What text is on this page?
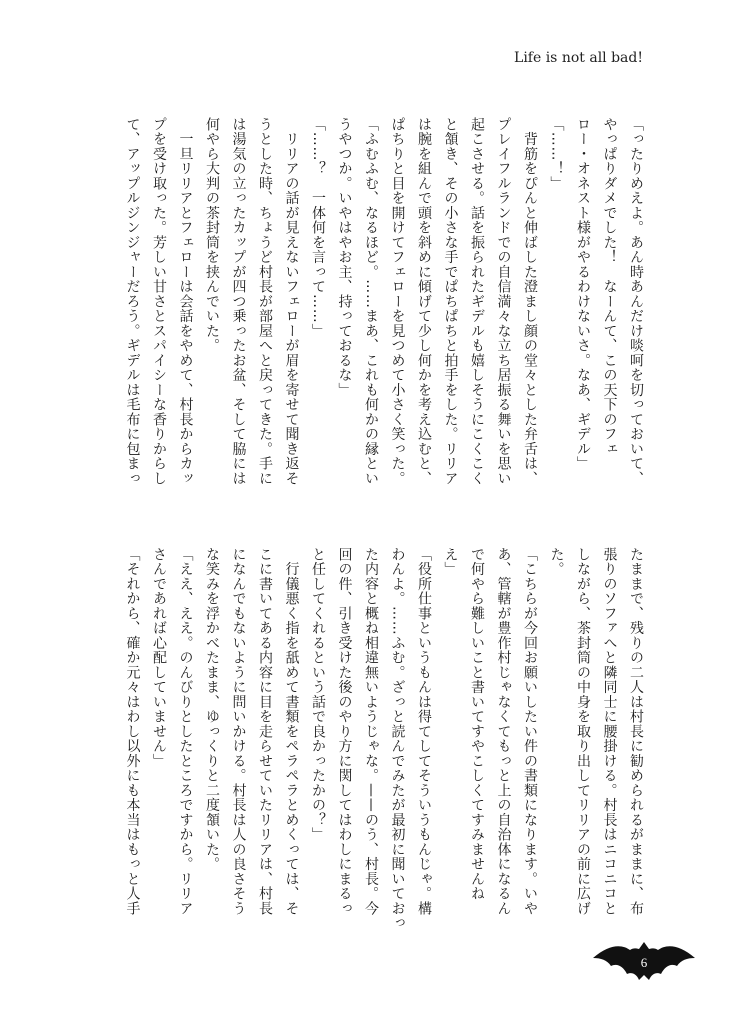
Life is not all bad!
「ったりめえよ。あん時あんだけ啖呵を切っておいて、
やっぱりダメでした！　なーんて、この天下のフェ
ロー・オネスト様がやるわけないさ。なあ、ギデル」
「……！」
　背筋をぴんと伸ばした澄まし顔の堂々とした弁舌は、
プレイフルランドでの自信満々な立ち居振る舞いを思い
起こさせる。話を振られたギデルも嬉しそうにこくこく
と頷き、その小さな手でぱちぱちと拍手をした。リリア
は腕を組んで頭を斜めに傾げて少し何かを考え込むと、
ぱちりと目を開けてフェローを見つめて小さく笑った。
「ふむふむ、なるほど。……まあ、これも何かの縁とい
うやつか。いやはやお主、持っておるな」
「……？　一体何を言って……」
　リリアの話が見えないフェローが眉を寄せて聞き返そ
うとした時、ちょうど村長が部屋へと戻ってきた。手に
は湯気の立ったカップが四つ乗ったお盆、そして脇には
何やら大判の茶封筒を挟んでいた。
　一旦リリアとフェローは会話をやめて、村長からカッ
プを受け取った。芳しい甘さとスパイシーな香りからし
て、アップルジンジャーだろう。ギデルは毛布に包まっ
たままで、残りの二人は村長に勧められるがままに、布
張りのソファへと隣同士に腰掛ける。村長はニコニコと
しながら、茶封筒の中身を取り出してリリアの前に広げ
た。
「こちらが今回お願いしたい件の書類になります。いや
あ、管轄が豊作村じゃなくてもっと上の自治体になるん
で何やら難しいこと書いてすやこしくてすみませんね
え」
「役所仕事というもんは得てしてそういうもんじゃ。構
わんよ。……ふむ。ざっと読んでみたが最初に聞いておっ
た内容と概ね相違無いようじゃな。——のう、村長。今
回の件、引き受けた後のやり方に関してはわしにまるっ
と任してくれるという話で良かったかの？」
　行儀悪く指を舐めて書類をペラペラとめくっては、そ
こに書いてある内容に目を走らせていたリリアは、村長
になんでもないように問いかける。村長は人の良さそう
な笑みを浮かべたまま、ゆっくりと二度頷いた。
「ええ、ええ。のんびりとしたところですから。リリア
さんであれば心配していません」
「それから、確か元々はわし以外にも本当はもっと人手
6
